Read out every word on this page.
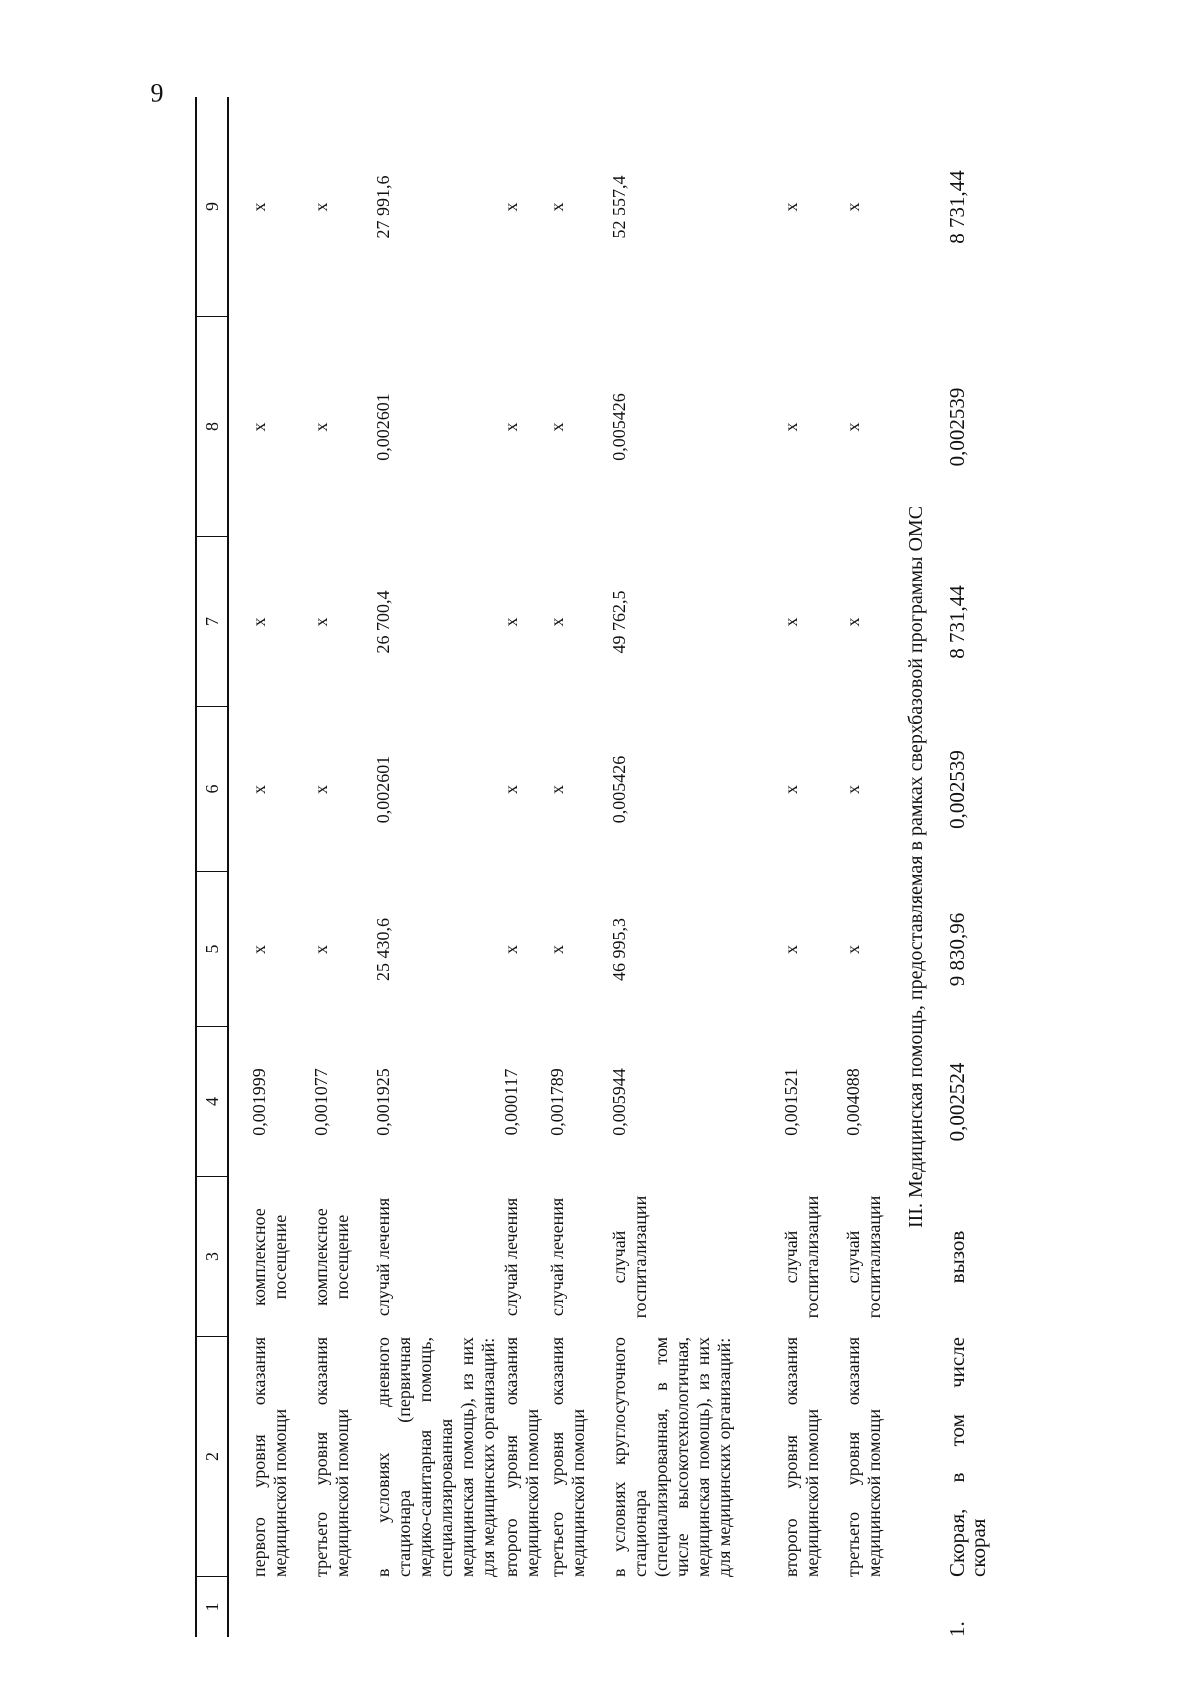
9
1
2
3
4
5
6
7
8
9
первого уровня оказания медицинской помощи
комплексное посещение
0,001999
х
х
х
х
х
третьего уровня оказания медицинской помощи
комплексное посещение
0,001077
х
х
х
х
х
в условиях дневного стационара (первичная медико-санитарная помощь, специализированная медицинская помощь), из них для медицинских организаций:
случай лечения
0,001925
25 430,6
0,002601
26 700,4
0,002601
27 991,6
второго уровня оказания медицинской помощи
случай лечения
0,000117
х
х
х
х
х
третьего уровня оказания медицинской помощи
случай лечения
0,001789
х
х
х
х
х
в условиях круглосуточного стационара (специализированная, в том числе высокотехнологичная, медицинская помощь), из них для медицинских организаций:
случай госпитализации
0,005944
46 995,3
0,005426
49 762,5
0,005426
52 557,4
второго уровня оказания медицинской помощи
случай госпитализации
0,001521
х
х
х
х
х
третьего уровня оказания медицинской помощи
случай госпитализации
0,004088
х
х
х
х
х
III. Медицинская помощь, предоставляемая в рамках сверхбазовой программы ОМС
1.
Скорая, в том числе скорая
вызов
0,002524
9 830,96
0,002539
8 731,44
0,002539
8 731,44
